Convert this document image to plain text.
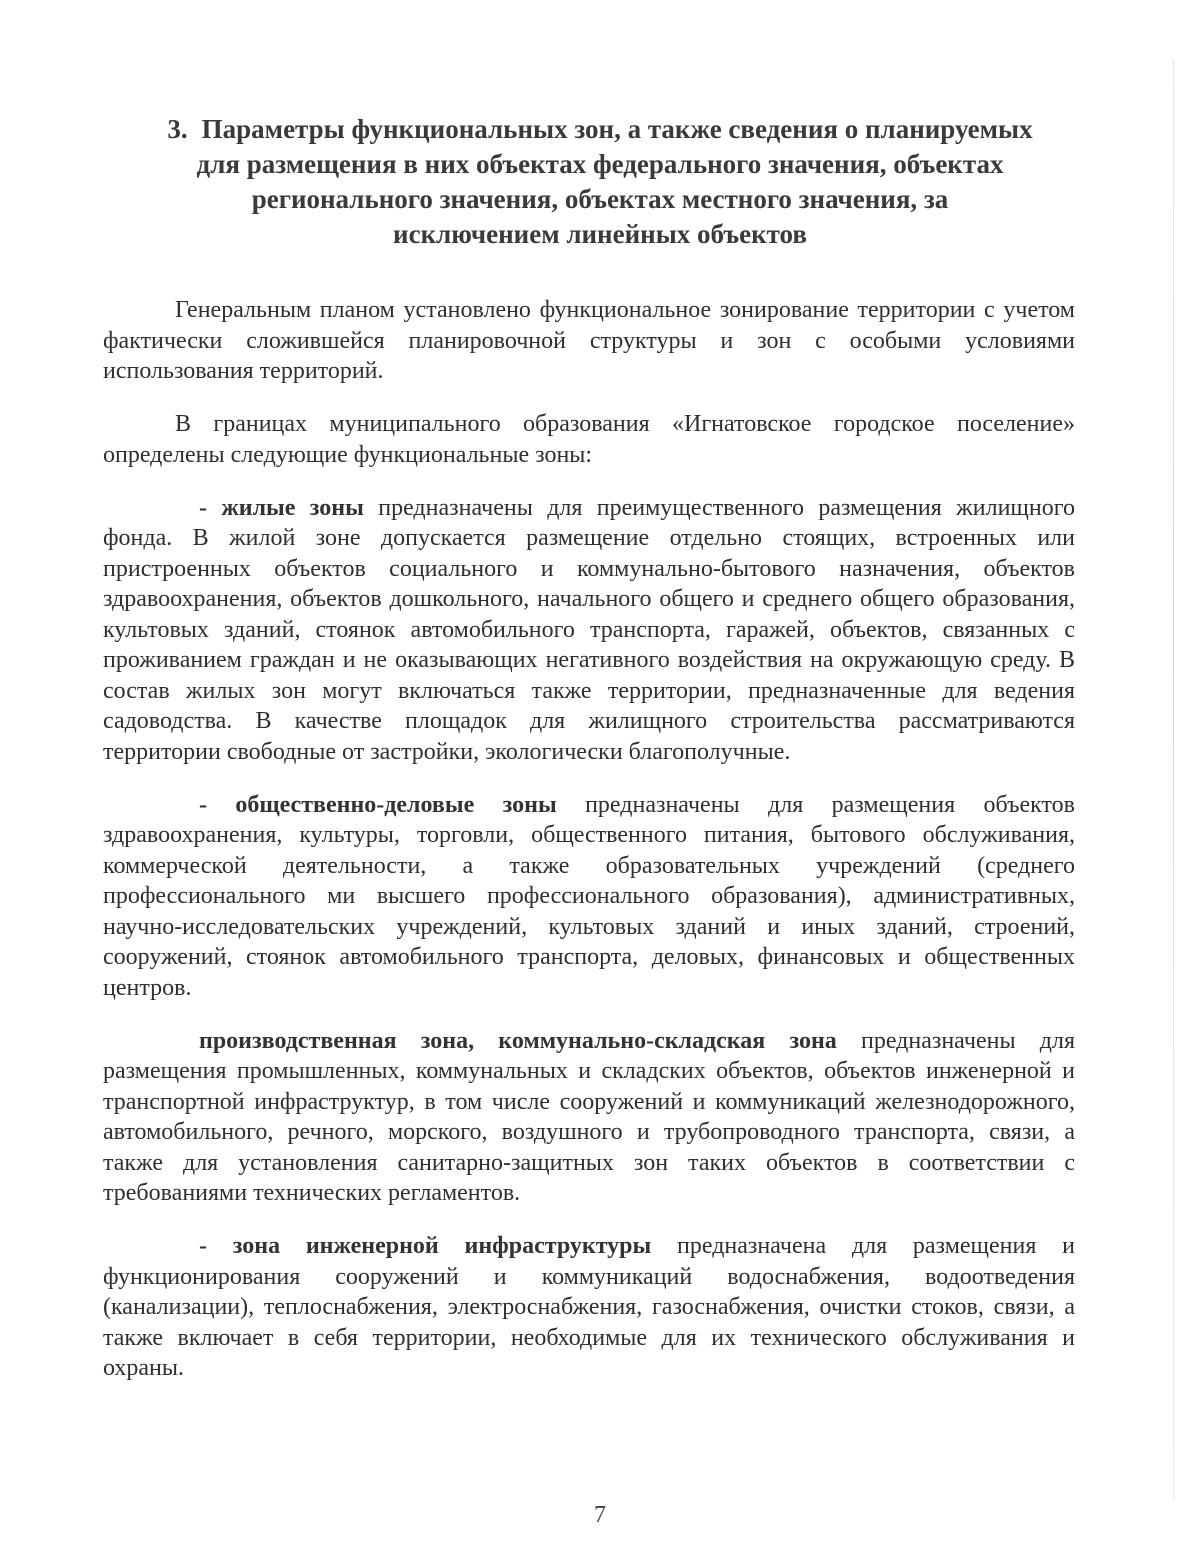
3. Параметры функциональных зон, а также сведения о планируемых
для размещения в них объектах федерального значения, объектах
регионального значения, объектах местного значения, за
исключением линейных объектов

Генеральным планом установлено функциональное зонирование территории с учетом фактически сложившейся планировочной структуры и зон с особыми условиями использования территорий.

В границах муниципального образования «Игнатовское городское поселение» определены следующие функциональные зоны:

- жилые зоны предназначены для преимущественного размещения жилищного фонда. В жилой зоне допускается размещение отдельно стоящих, встроенных или пристроенных объектов социального и коммунально-бытового назначения, объектов здравоохранения, объектов дошкольного, начального общего и среднего общего образования, культовых зданий, стоянок автомобильного транспорта, гаражей, объектов, связанных с проживанием граждан и не оказывающих негативного воздействия на окружающую среду. В состав жилых зон могут включаться также территории, предназначенные для ведения садоводства. В качестве площадок для жилищного строительства рассматриваются территории свободные от застройки, экологически благополучные.

- общественно-деловые зоны предназначены для размещения объектов здравоохранения, культуры, торговли, общественного питания, бытового обслуживания, коммерческой деятельности, а также образовательных учреждений (среднего профессионального ми высшего профессионального образования), административных, научно-исследовательских учреждений, культовых зданий и иных зданий, строений, сооружений, стоянок автомобильного транспорта, деловых, финансовых и общественных центров.

производственная зона, коммунально-складская зона предназначены для размещения промышленных, коммунальных и складских объектов, объектов инженерной и транспортной инфраструктур, в том числе сооружений и коммуникаций железнодорожного, автомобильного, речного, морского, воздушного и трубопроводного транспорта, связи, а также для установления санитарно-защитных зон таких объектов в соответствии с требованиями технических регламентов.

- зона инженерной инфраструктуры предназначена для размещения и функционирования сооружений и коммуникаций водоснабжения, водоотведения (канализации), теплоснабжения, электроснабжения, газоснабжения, очистки стоков, связи, а также включает в себя территории, необходимые для их технического обслуживания и охраны.

7
